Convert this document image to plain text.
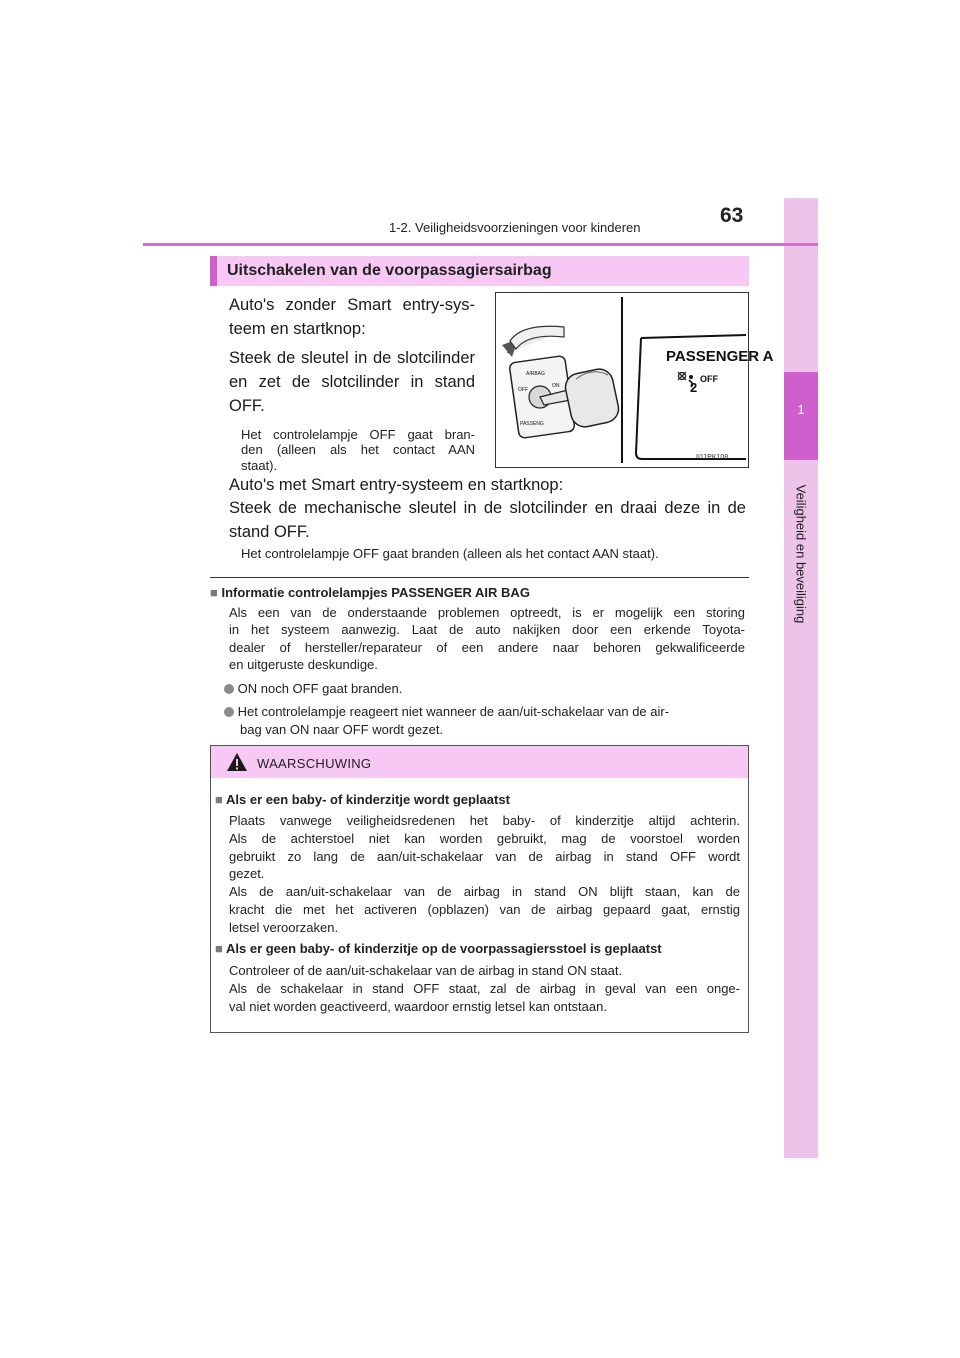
1
Veiligheid en beveiliging
1-2. Veiligheidsvoorzieningen voor kinderen
63
Uitschakelen van de voorpassagiersairbag
Auto's zonder Smart entry-sys-
teem en startknop:
Steek de sleutel in de slotcilinder
en zet de slotcilinder in stand
OFF.
Het controlelampje OFF gaat bran-
den (alleen als het contact AAN
staat).
PASSENGER A
2
OFF
AIRBAG
OFF
ON
PASSENG
II11PK108
Auto's met Smart entry-systeem en startknop:
Steek de mechanische sleutel in de slotcilinder en draai deze in de
stand OFF.
Het controlelampje OFF gaat branden (alleen als het contact AAN staat).
■ Informatie controlelampjes PASSENGER AIR BAG
Als een van de onderstaande problemen optreedt, is er mogelijk een storing
in het systeem aanwezig. Laat de auto nakijken door een erkende Toyota-
dealer of hersteller/reparateur of een andere naar behoren gekwalificeerde
en uitgeruste deskundige.
ON noch OFF gaat branden.
Het controlelampje reageert niet wanneer de aan/uit-schakelaar van de air-
bag van ON naar OFF wordt gezet.
WAARSCHUWING
■ Als er een baby- of kinderzitje wordt geplaatst
Plaats vanwege veiligheidsredenen het baby- of kinderzitje altijd achterin.
Als de achterstoel niet kan worden gebruikt, mag de voorstoel worden
gebruikt zo lang de aan/uit-schakelaar van de airbag in stand OFF wordt
gezet.
Als de aan/uit-schakelaar van de airbag in stand ON blijft staan, kan de
kracht die met het activeren (opblazen) van de airbag gepaard gaat, ernstig
letsel veroorzaken.
■ Als er geen baby- of kinderzitje op de voorpassagiersstoel is geplaatst
Controleer of de aan/uit-schakelaar van de airbag in stand ON staat.
Als de schakelaar in stand OFF staat, zal de airbag in geval van een onge-
val niet worden geactiveerd, waardoor ernstig letsel kan ontstaan.
